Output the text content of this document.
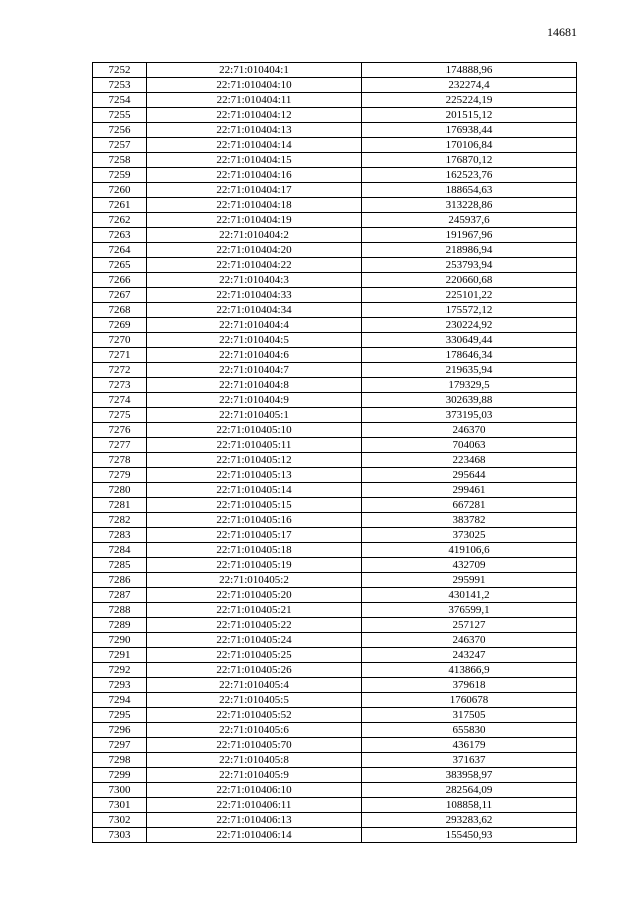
14681
7252	22:71:010404:1	174888,96
7253	22:71:010404:10	232274,4
7254	22:71:010404:11	225224,19
7255	22:71:010404:12	201515,12
7256	22:71:010404:13	176938,44
7257	22:71:010404:14	170106,84
7258	22:71:010404:15	176870,12
7259	22:71:010404:16	162523,76
7260	22:71:010404:17	188654,63
7261	22:71:010404:18	313228,86
7262	22:71:010404:19	245937,6
7263	22:71:010404:2	191967,96
7264	22:71:010404:20	218986,94
7265	22:71:010404:22	253793,94
7266	22:71:010404:3	220660,68
7267	22:71:010404:33	225101,22
7268	22:71:010404:34	175572,12
7269	22:71:010404:4	230224,92
7270	22:71:010404:5	330649,44
7271	22:71:010404:6	178646,34
7272	22:71:010404:7	219635,94
7273	22:71:010404:8	179329,5
7274	22:71:010404:9	302639,88
7275	22:71:010405:1	373195,03
7276	22:71:010405:10	246370
7277	22:71:010405:11	704063
7278	22:71:010405:12	223468
7279	22:71:010405:13	295644
7280	22:71:010405:14	299461
7281	22:71:010405:15	667281
7282	22:71:010405:16	383782
7283	22:71:010405:17	373025
7284	22:71:010405:18	419106,6
7285	22:71:010405:19	432709
7286	22:71:010405:2	295991
7287	22:71:010405:20	430141,2
7288	22:71:010405:21	376599,1
7289	22:71:010405:22	257127
7290	22:71:010405:24	246370
7291	22:71:010405:25	243247
7292	22:71:010405:26	413866,9
7293	22:71:010405:4	379618
7294	22:71:010405:5	1760678
7295	22:71:010405:52	317505
7296	22:71:010405:6	655830
7297	22:71:010405:70	436179
7298	22:71:010405:8	371637
7299	22:71:010405:9	383958,97
7300	22:71:010406:10	282564,09
7301	22:71:010406:11	108858,11
7302	22:71:010406:13	293283,62
7303	22:71:010406:14	155450,93
